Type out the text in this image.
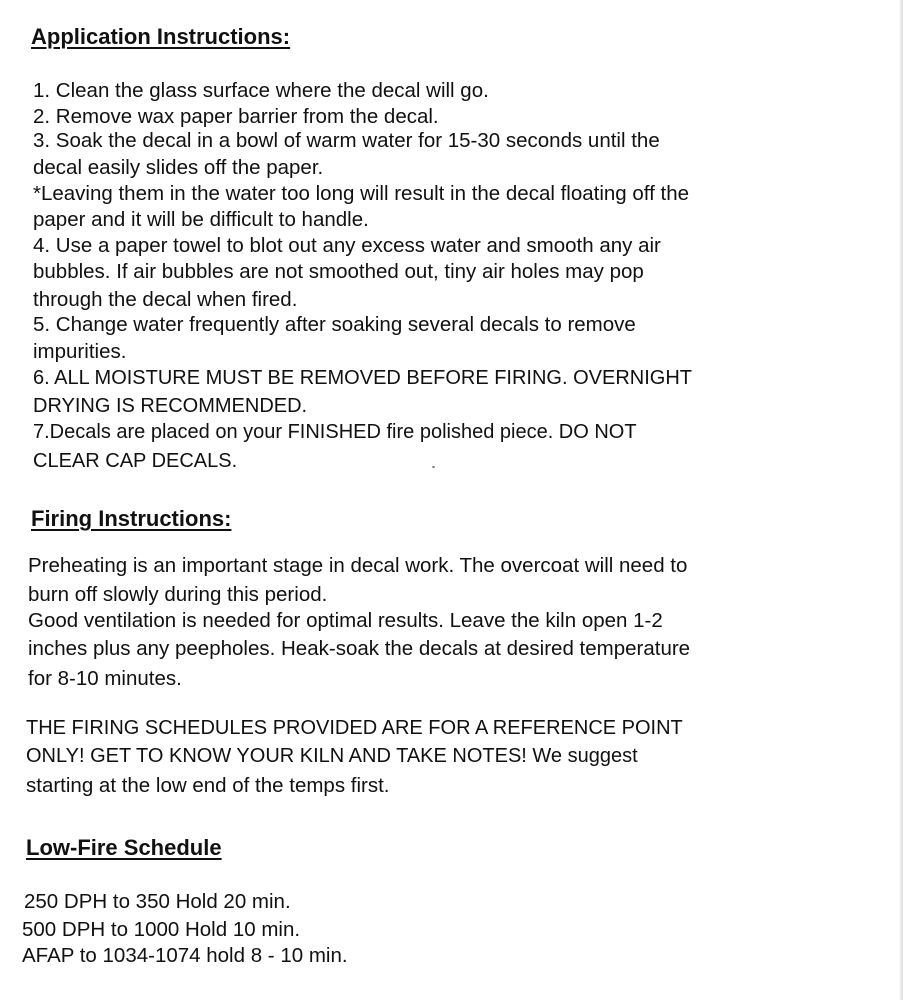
Application Instructions:

1. Clean the glass surface where the decal will go.

2. Remove wax paper barrier from the decal.

3. Soak the decal in a bowl of warm water for 15-30 seconds until the

decal easily slides off the paper.

*Leaving them in the water too long will result in the decal floating off the

paper and it will be difficult to handle.

4. Use a paper towel to blot out any excess water and smooth any air

bubbles. If air bubbles are not smoothed out, tiny air holes may pop

through the decal when fired.

5. Change water frequently after soaking several decals to remove

impurities.

6. ALL MOISTURE MUST BE REMOVED BEFORE FIRING. OVERNIGHT

DRYING IS RECOMMENDED.

7.Decals are placed on your FINISHED fire polished piece. DO NOT

CLEAR CAP DECALS.

Firing Instructions:

Preheating is an important stage in decal work. The overcoat will need to

burn off slowly during this period.

Good ventilation is needed for optimal results. Leave the kiln open 1-2

inches plus any peepholes. Heak-soak the decals at desired temperature

for 8-10 minutes.

THE FIRING SCHEDULES PROVIDED ARE FOR A REFERENCE POINT

ONLY! GET TO KNOW YOUR KILN AND TAKE NOTES! We suggest

starting at the low end of the temps first.

Low-Fire Schedule

250 DPH to 350 Hold 20 min.

500 DPH to 1000 Hold 10 min.

AFAP to 1034-1074 hold 8 - 10 min.
